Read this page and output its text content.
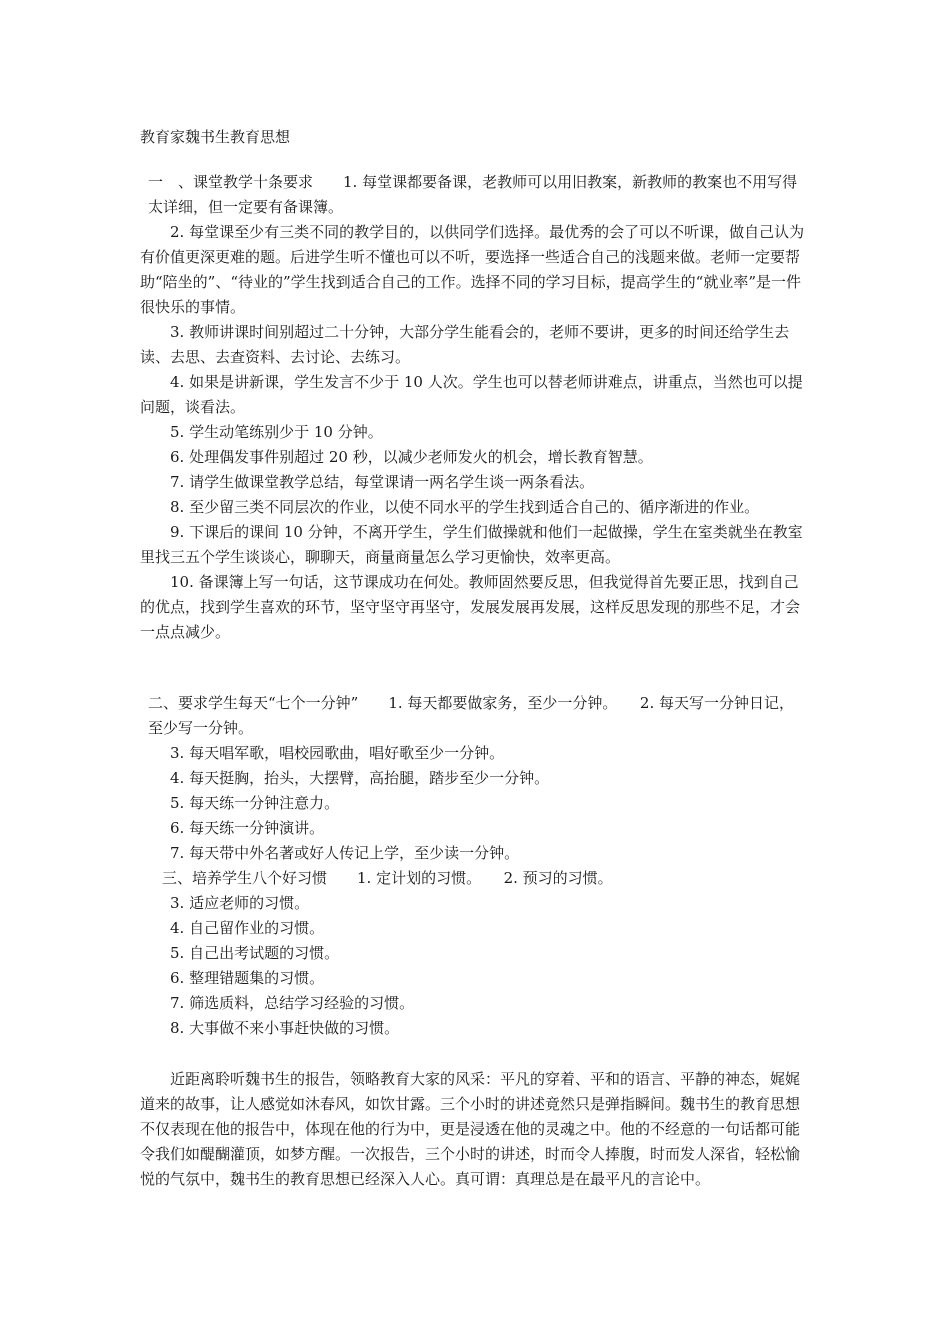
教育家魏书生教育思想

一　、课堂教学十条要求　　1. 每堂课都要备课，老教师可以用旧教案，新教师的教案也不用写得太详细，但一定要有备课簿。

2. 每堂课至少有三类不同的教学目的，以供同学们选择。最优秀的会了可以不听课，做自己认为有价值更深更难的题。后进学生听不懂也可以不听，要选择一些适合自己的浅题来做。老师一定要帮助“陪坐的”、“待业的”学生找到适合自己的工作。选择不同的学习目标，提高学生的“就业率”是一件很快乐的事情。

3. 教师讲课时间别超过二十分钟，大部分学生能看会的，老师不要讲，更多的时间还给学生去读、去思、去查资料、去讨论、去练习。

4. 如果是讲新课，学生发言不少于 10 人次。学生也可以替老师讲难点，讲重点，当然也可以提问题，谈看法。

5. 学生动笔练别少于 10 分钟。

6. 处理偶发事件别超过 20 秒，以减少老师发火的机会，增长教育智慧。

7. 请学生做课堂教学总结，每堂课请一两名学生谈一两条看法。

8. 至少留三类不同层次的作业，以使不同水平的学生找到适合自己的、循序渐进的作业。

9. 下课后的课间 10 分钟，不离开学生，学生们做操就和他们一起做操，学生在室类就坐在教室里找三五个学生谈谈心，聊聊天，商量商量怎么学习更愉快，效率更高。

10. 备课簿上写一句话，这节课成功在何处。教师固然要反思，但我觉得首先要正思，找到自己的优点，找到学生喜欢的环节，坚守坚守再坚守，发展发展再发展，这样反思发现的那些不足，才会一点点减少。

二、要求学生每天“七个一分钟”　　1. 每天都要做家务，至少一分钟。　　2. 每天写一分钟日记，至少写一分钟。

3. 每天唱军歌，唱校园歌曲，唱好歌至少一分钟。

4. 每天挺胸，抬头，大摆臂，高抬腿，踏步至少一分钟。

5. 每天练一分钟注意力。

6. 每天练一分钟演讲。

7. 每天带中外名著或好人传记上学，至少读一分钟。

三、培养学生八个好习惯　　1. 定计划的习惯。　　2. 预习的习惯。

3. 适应老师的习惯。

4. 自己留作业的习惯。

5. 自己出考试题的习惯。

6. 整理错题集的习惯。

7. 筛选质料，总结学习经验的习惯。

8. 大事做不来小事赶快做的习惯。

近距离聆听魏书生的报告，领略教育大家的风采：平凡的穿着、平和的语言、平静的神态，娓娓道来的故事，让人感觉如沐春风，如饮甘露。三个小时的讲述竟然只是弹指瞬间。魏书生的教育思想不仅表现在他的报告中，体现在他的行为中，更是浸透在他的灵魂之中。他的不经意的一句话都可能令我们如醍醐灌顶，如梦方醒。一次报告，三个小时的讲述，时而令人捧腹，时而发人深省，轻松愉悦的气氛中，魏书生的教育思想已经深入人心。真可谓：真理总是在最平凡的言论中。
